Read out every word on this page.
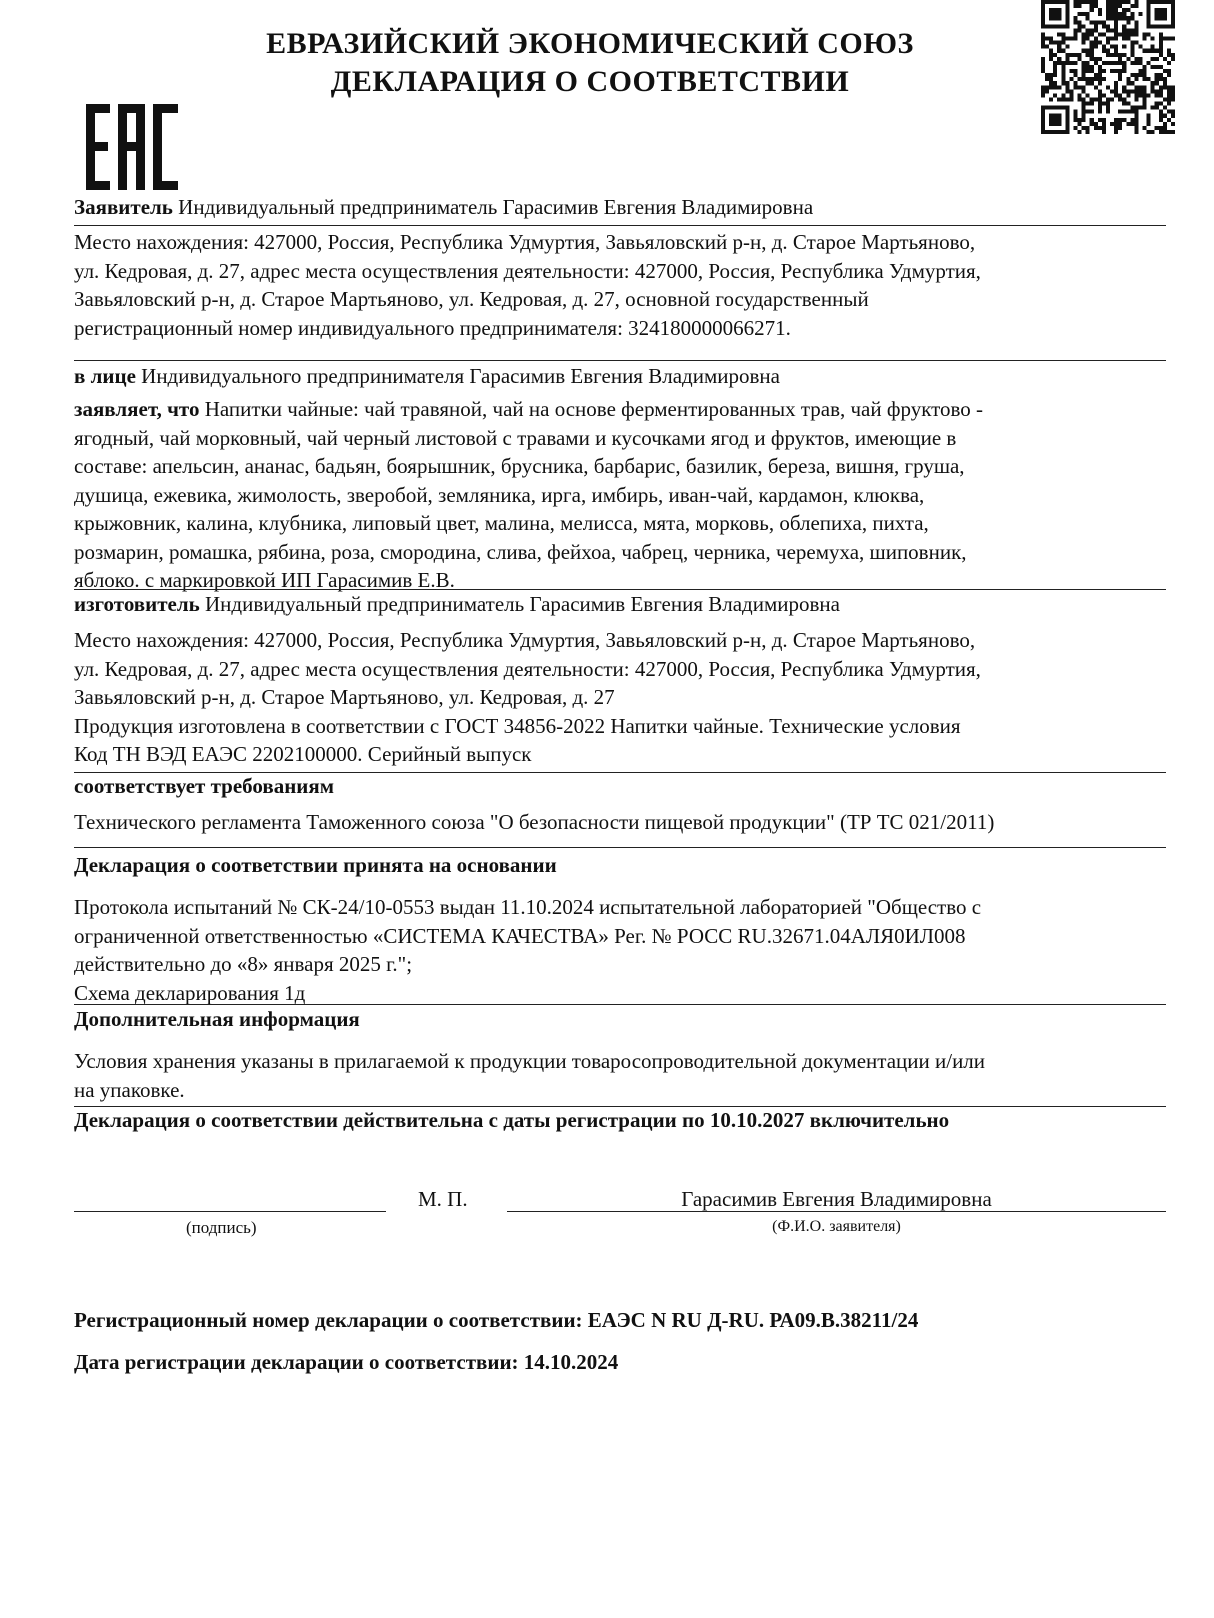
ЕВРАЗИЙСКИЙ ЭКОНОМИЧЕСКИЙ СОЮЗ
ДЕКЛАРАЦИЯ О СООТВЕТСТВИИ
Заявитель Индивидуальный предприниматель Гарасимив Евгения Владимировна
Место нахождения: 427000, Россия, Республика Удмуртия, Завьяловский р-н, д. Старое Мартьяново,
ул. Кедровая, д. 27, адрес места осуществления деятельности: 427000, Россия, Республика Удмуртия,
Завьяловский р-н, д. Старое Мартьяново, ул. Кедровая, д. 27, основной государственный
регистрационный номер индивидуального предпринимателя: 324180000066271.
в лице Индивидуального предпринимателя Гарасимив Евгения Владимировна
заявляет, что Напитки чайные: чай травяной, чай на основе ферментированных трав, чай фруктово -
ягодный, чай морковный, чай черный листовой с травами и кусочками ягод и фруктов, имеющие в
составе: апельсин, ананас, бадьян, боярышник, брусника, барбарис, базилик, береза, вишня, груша,
душица, ежевика, жимолость, зверобой, земляника, ирга, имбирь, иван-чай, кардамон, клюква,
крыжовник, калина, клубника, липовый цвет, малина, мелисса, мята, морковь, облепиха, пихта,
розмарин, ромашка, рябина, роза, смородина, слива, фейхоа, чабрец, черника, черемуха, шиповник,
яблоко. с маркировкой ИП Гарасимив Е.В.
изготовитель Индивидуальный предприниматель Гарасимив Евгения Владимировна
Место нахождения: 427000, Россия, Республика Удмуртия, Завьяловский р-н, д. Старое Мартьяново,
ул. Кедровая, д. 27, адрес места осуществления деятельности: 427000, Россия, Республика Удмуртия,
Завьяловский р-н, д. Старое Мартьяново, ул. Кедровая, д. 27
Продукция изготовлена в соответствии с ГОСТ 34856-2022 Напитки чайные. Технические условия
Код ТН ВЭД ЕАЭС 2202100000. Серийный выпуск
соответствует требованиям
Технического регламента Таможенного союза "О безопасности пищевой продукции" (ТР ТС 021/2011)
Декларация о соответствии принята на основании
Протокола испытаний № СК-24/10-0553 выдан 11.10.2024 испытательной лабораторией "Общество с
ограниченной ответственностью «СИСТЕМА КАЧЕСТВА» Рег. № РОСС RU.32671.04АЛЯ0ИЛ008
действительно до «8» января 2025 г.";
Схема декларирования 1д
Дополнительная информация
Условия хранения указаны в прилагаемой к продукции товаросопроводительной документации и/или
на упаковке.
Декларация о соответствии действительна с даты регистрации по 10.10.2027 включительно
(подпись)
М. П.	Гарасимив Евгения Владимировна
(Ф.И.О. заявителя)
Регистрационный номер декларации о соответствии: ЕАЭС N RU Д-RU. РА09.В.38211/24
Дата регистрации декларации о соответствии: 14.10.2024
